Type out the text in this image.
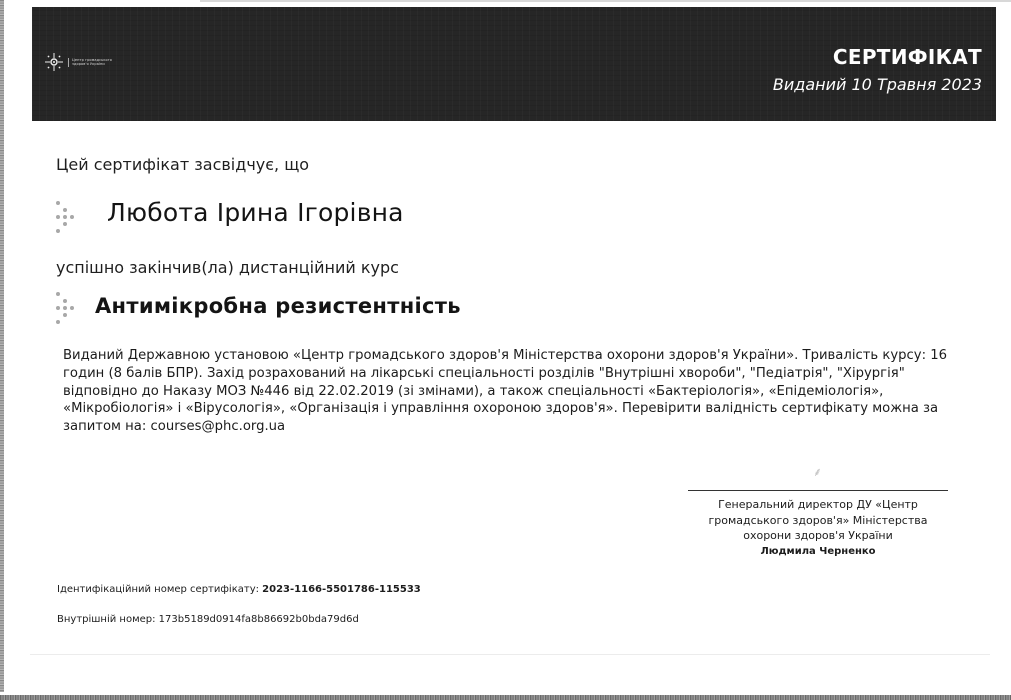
Центр громадського здоров'я України	СЕРТИФІКАТ
Виданий 10 Травня 2023
Цей сертифікат засвідчує, що
Любота Ірина Ігорівна
успішно закінчив(ла) дистанційний курс
Антимікробна резистентність
Виданий Державною установою «Центр громадського здоров'я Міністерства охорони здоров'я України». Тривалість курсу: 16 годин (8 балів БПР). Захід розрахований на лікарські спеціальності розділів "Внутрішні хвороби", "Педіатрія", "Хірургія" відповідно до Наказу МОЗ №446 від 22.02.2019 (зі змінами), а також спеціальності «Бактеріологія», «Епідеміологія», «Мікробіологія» і «Вірусологія», «Організація і управління охороною здоров'я». Перевірити валідність сертифікату можна за запитом на: courses@phc.org.ua
⸙
Генеральний директор ДУ «Центр громадського здоров'я» Міністерства охорони здоров'я України
Людмила Черненко
Ідентифікаційний номер сертифікату: 2023-1166-5501786-115533
Внутрішній номер: 173b5189d0914fa8b86692b0bda79d6d
